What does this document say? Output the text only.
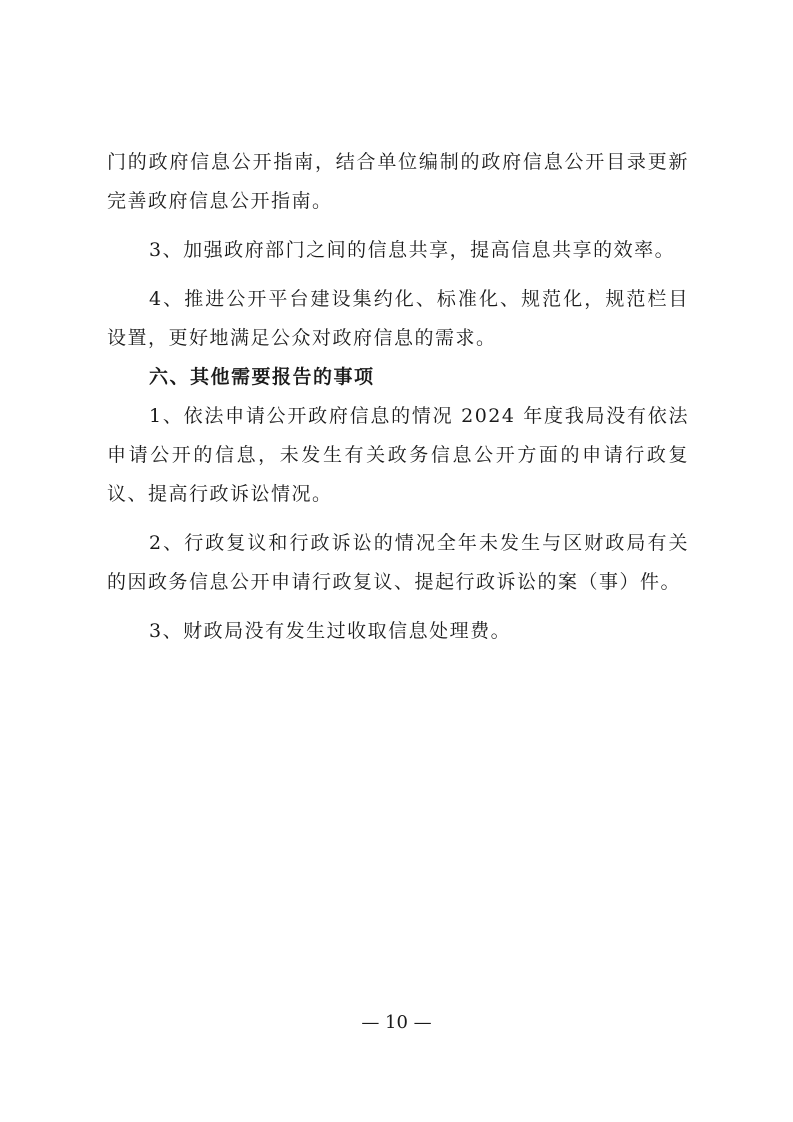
门的政府信息公开指南，结合单位编制的政府信息公开目录更新完善政府信息公开指南。

3、加强政府部门之间的信息共享，提高信息共享的效率。

4、推进公开平台建设集约化、标准化、规范化，规范栏目设置，更好地满足公众对政府信息的需求。

六、其他需要报告的事项

1、依法申请公开政府信息的情况 2024 年度我局没有依法申请公开的信息，未发生有关政务信息公开方面的申请行政复议、提高行政诉讼情况。

2、行政复议和行政诉讼的情况全年未发生与区财政局有关的因政务信息公开申请行政复议、提起行政诉讼的案（事）件。

3、财政局没有发生过收取信息处理费。

— 10 —
